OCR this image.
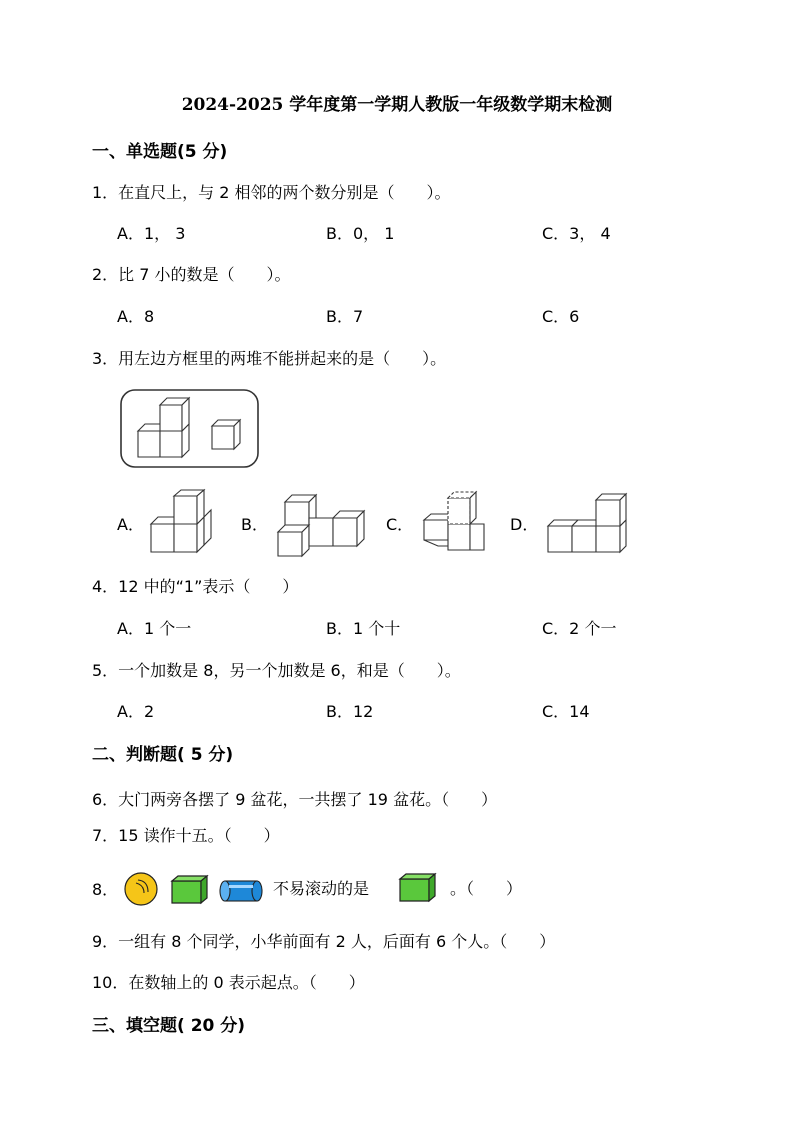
2024-2025 学年度第一学期人教版一年级数学期末检测
一、单选题(5 分)
1．在直尺上，与 2 相邻的两个数分别是（　　）。
A．1， 3	B．0， 1	C．3， 4
2．比 7 小的数是（　　）。
A．8	B．7	C．6
3．用左边方框里的两堆不能拼起来的是（　　）。
A．	B．	C．	D．
4．12 中的“1”表示（　　）
A．1 个一	B．1 个十	C．2 个一
5．一个加数是 8，另一个加数是 6，和是（　　）。
A．2	B．12	C．14
二、判断题( 5 分)
6．大门两旁各摆了 9 盆花，一共摆了 19 盆花。（　　）
7．15 读作十五。（　　）
8．	不易滚动的是	。（　　）
9．一组有 8 个同学，小华前面有 2 人，后面有 6 个人。（　　）
10．在数轴上的 0 表示起点。（　　）
三、填空题( 20 分)
